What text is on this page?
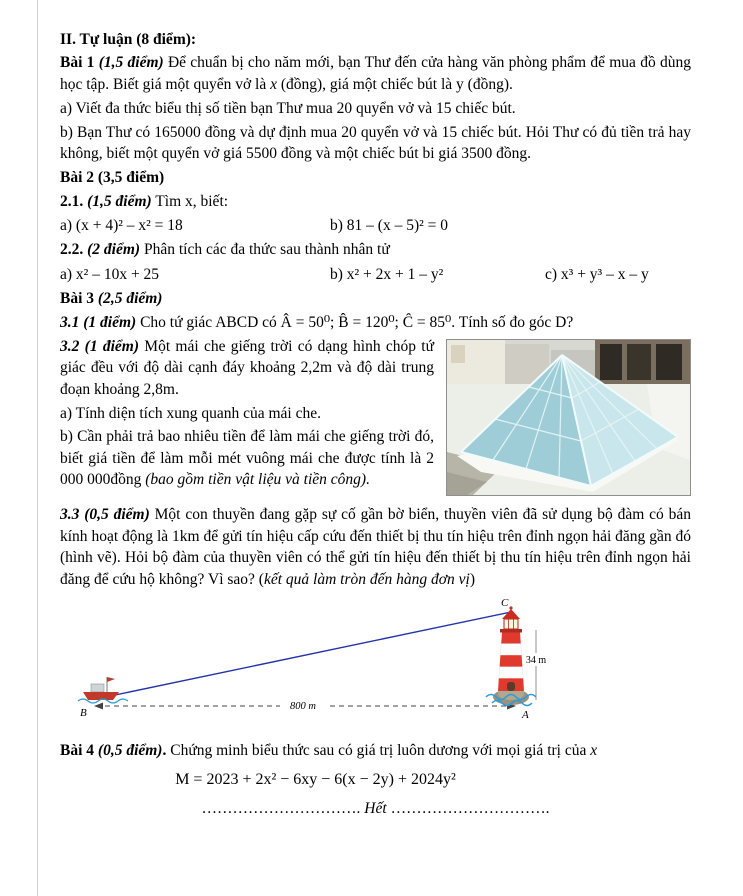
II. Tự luận (8 điểm):

Bài 1 (1,5 điểm) Để chuẩn bị cho năm mới, bạn Thư đến cửa hàng văn phòng phẩm để mua đồ dùng học tập. Biết giá một quyển vở là x (đồng), giá một chiếc bút là y (đồng).

a) Viết đa thức biểu thị số tiền bạn Thư mua 20 quyển vở và 15 chiếc bút.

b) Bạn Thư có 165000 đồng và dự định mua 20 quyển vở và 15 chiếc bút. Hỏi Thư có đủ tiền trả hay không, biết một quyển vở giá 5500 đồng và một chiếc bút bi giá 3500 đồng.

Bài 2 (3,5 điểm)

2.1. (1,5 điểm) Tìm x, biết:

a) (x + 4)² – x² = 18	b) 81 – (x – 5)² = 0

2.2. (2 điểm) Phân tích các đa thức sau thành nhân tử

a) x² – 10x + 25	b) x² + 2x + 1 – y²	c) x³ + y³ – x – y

Bài 3 (2,5 điểm)

3.1 (1 điểm) Cho tứ giác ABCD có Â = 50⁰; B̂ = 120⁰; Ĉ = 85⁰. Tính số đo góc D?

3.2 (1 điểm) Một mái che giếng trời có dạng hình chóp tứ giác đều với độ dài cạnh đáy khoảng 2,2m và độ dài trung đoạn khoảng 2,8m.

a) Tính diện tích xung quanh của mái che.

b) Cần phải trả bao nhiêu tiền để làm mái che giếng trời đó, biết giá tiền để làm mỗi mét vuông mái che được tính là 2 000 000đồng (bao gồm tiền vật liệu và tiền công).

3.3 (0,5 điểm) Một con thuyền đang gặp sự cố gần bờ biển, thuyền viên đã sử dụng bộ đàm có bán kính hoạt động là 1km để gửi tín hiệu cấp cứu đến thiết bị thu tín hiệu trên đỉnh ngọn hải đăng gần đó (hình vẽ). Hỏi bộ đàm của thuyền viên có thể gửi tín hiệu đến thiết bị thu tín hiệu trên đỉnh ngọn hải đăng để cứu hộ không? Vì sao? (kết quả làm tròn đến hàng đơn vị)

800 m
34 m
C
B	A

Bài 4 (0,5 điểm). Chứng minh biểu thức sau có giá trị luôn dương với mọi giá trị của x

M = 2023 + 2x² − 6xy − 6(x − 2y) + 2024y²

…………………………. Hết ………………………….
